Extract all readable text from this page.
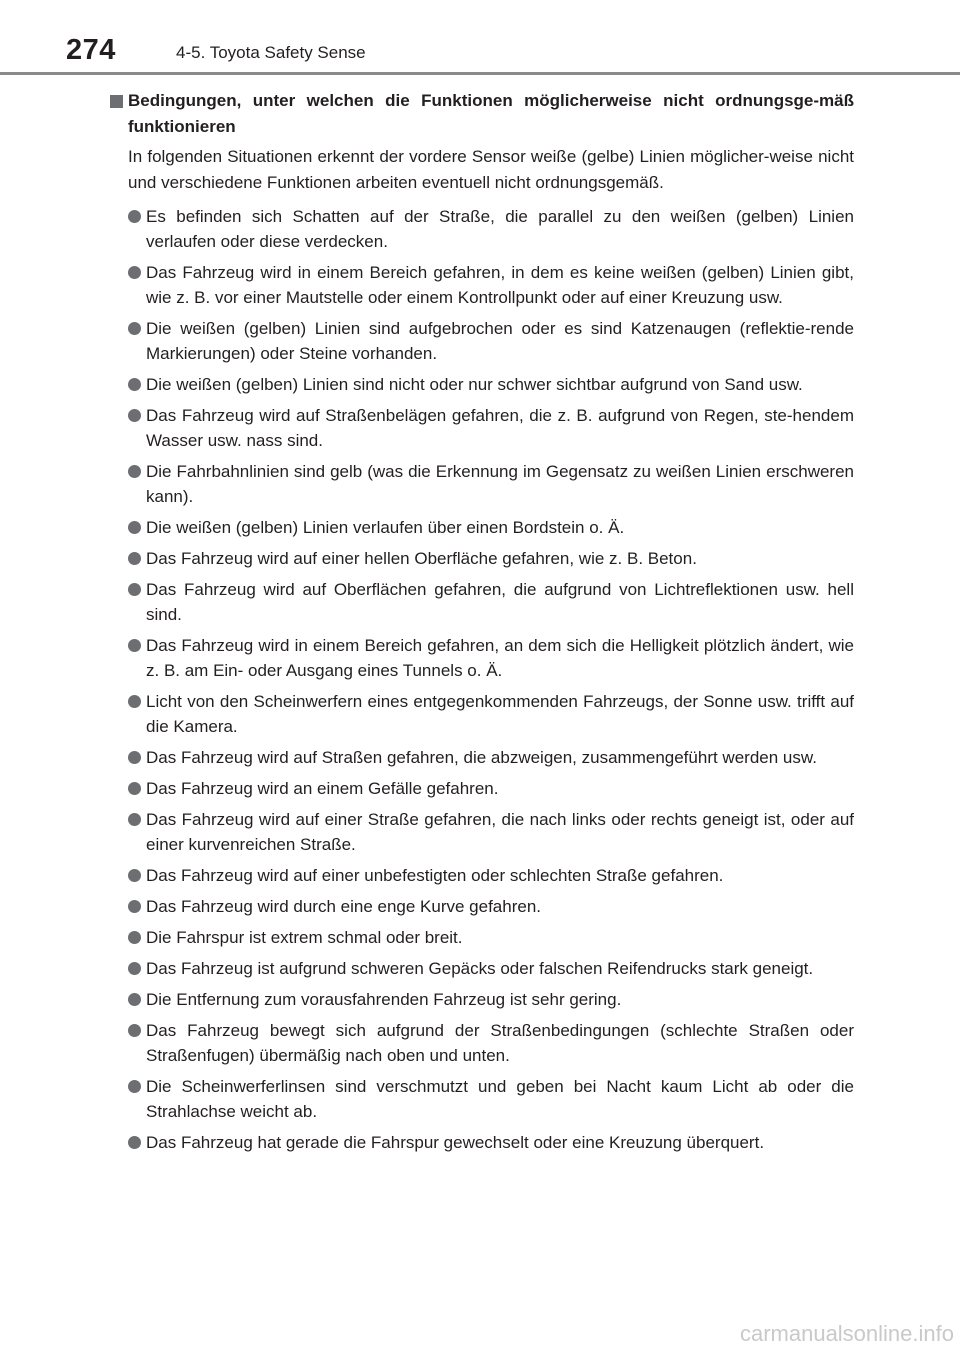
274	4-5. Toyota Safety Sense
Bedingungen, unter welchen die Funktionen möglicherweise nicht ordnungsge-mäß funktionieren
In folgenden Situationen erkennt der vordere Sensor weiße (gelbe) Linien möglicher-weise nicht und verschiedene Funktionen arbeiten eventuell nicht ordnungsgemäß.
Es befinden sich Schatten auf der Straße, die parallel zu den weißen (gelben) Linien verlaufen oder diese verdecken.
Das Fahrzeug wird in einem Bereich gefahren, in dem es keine weißen (gelben) Linien gibt, wie z. B. vor einer Mautstelle oder einem Kontrollpunkt oder auf einer Kreuzung usw.
Die weißen (gelben) Linien sind aufgebrochen oder es sind Katzenaugen (reflektie-rende Markierungen) oder Steine vorhanden.
Die weißen (gelben) Linien sind nicht oder nur schwer sichtbar aufgrund von Sand usw.
Das Fahrzeug wird auf Straßenbelägen gefahren, die z. B. aufgrund von Regen, ste-hendem Wasser usw. nass sind.
Die Fahrbahnlinien sind gelb (was die Erkennung im Gegensatz zu weißen Linien erschweren kann).
Die weißen (gelben) Linien verlaufen über einen Bordstein o. Ä.
Das Fahrzeug wird auf einer hellen Oberfläche gefahren, wie z. B. Beton.
Das Fahrzeug wird auf Oberflächen gefahren, die aufgrund von Lichtreflektionen usw. hell sind.
Das Fahrzeug wird in einem Bereich gefahren, an dem sich die Helligkeit plötzlich ändert, wie z. B. am Ein- oder Ausgang eines Tunnels o. Ä.
Licht von den Scheinwerfern eines entgegenkommenden Fahrzeugs, der Sonne usw. trifft auf die Kamera.
Das Fahrzeug wird auf Straßen gefahren, die abzweigen, zusammengeführt werden usw.
Das Fahrzeug wird an einem Gefälle gefahren.
Das Fahrzeug wird auf einer Straße gefahren, die nach links oder rechts geneigt ist, oder auf einer kurvenreichen Straße.
Das Fahrzeug wird auf einer unbefestigten oder schlechten Straße gefahren.
Das Fahrzeug wird durch eine enge Kurve gefahren.
Die Fahrspur ist extrem schmal oder breit.
Das Fahrzeug ist aufgrund schweren Gepäcks oder falschen Reifendrucks stark geneigt.
Die Entfernung zum vorausfahrenden Fahrzeug ist sehr gering.
Das Fahrzeug bewegt sich aufgrund der Straßenbedingungen (schlechte Straßen oder Straßenfugen) übermäßig nach oben und unten.
Die Scheinwerferlinsen sind verschmutzt und geben bei Nacht kaum Licht ab oder die Strahlachse weicht ab.
Das Fahrzeug hat gerade die Fahrspur gewechselt oder eine Kreuzung überquert.
carmanualsonline.info
